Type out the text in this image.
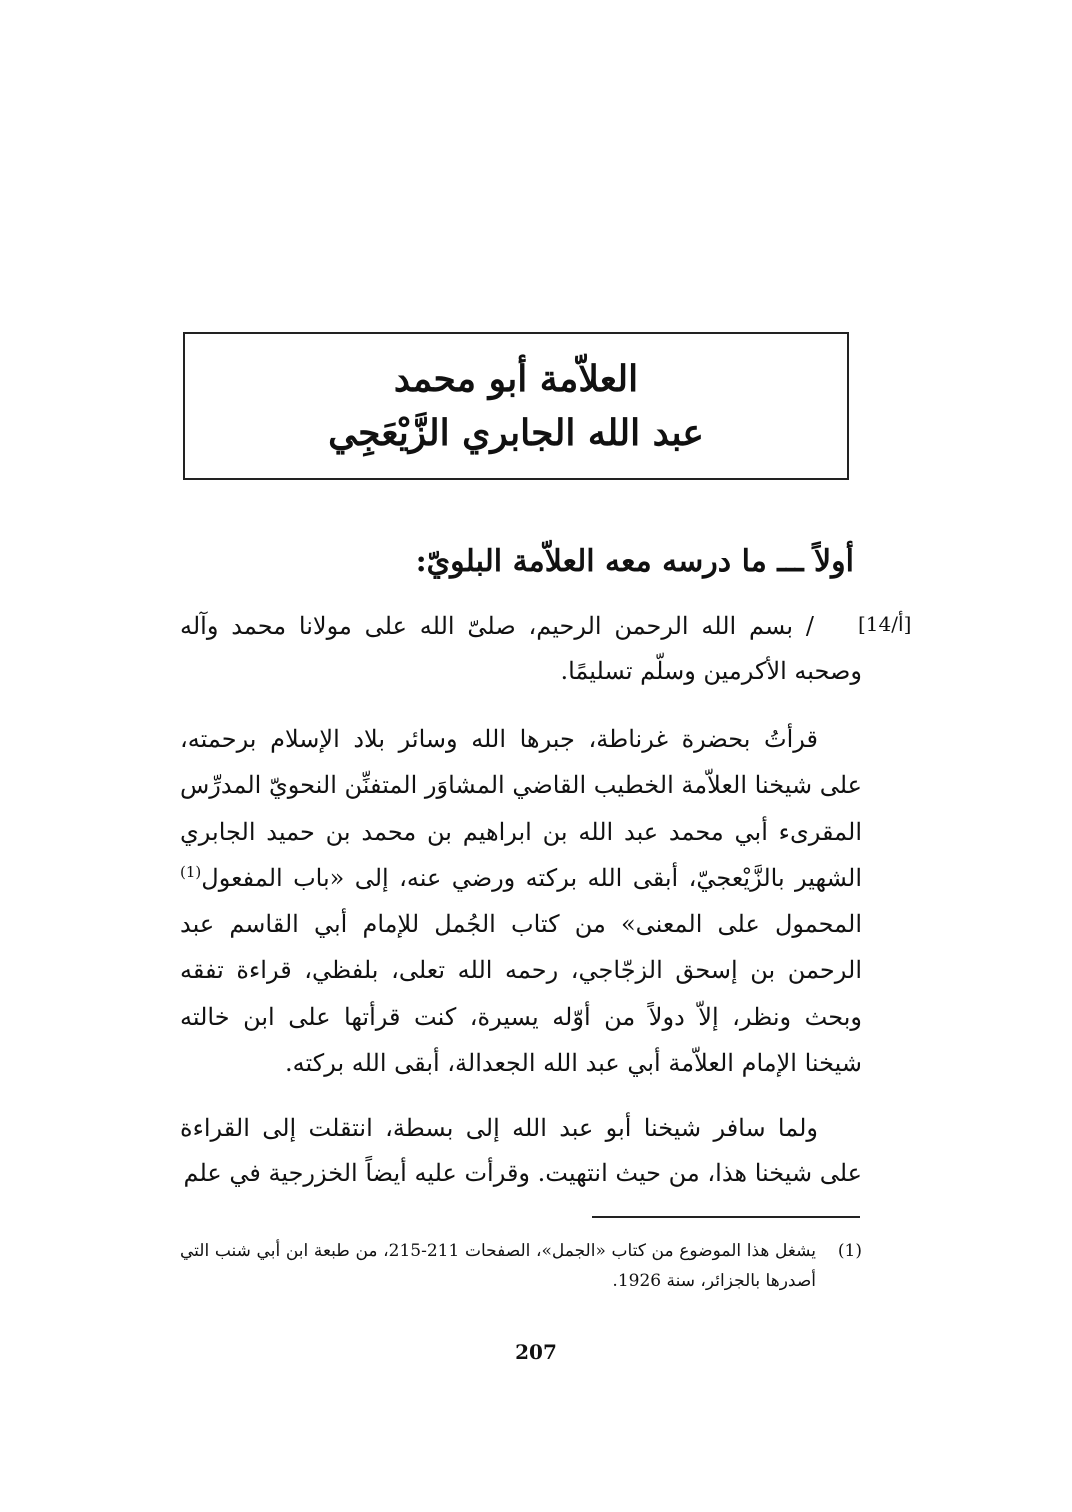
العلاّمة أبو محمد
عبد الله الجابري الزَّيْعَجِي
أولاً ـــ ما درسه معه العلاّمة البلويّ:
[14/أ]
/ بسم الله الرحمن الرحيم، صلىّ الله على مولانا محمد وآله وصحبه الأكرمين وسلّم تسليمًا.
قرأتُ بحضرة غرناطة، جبرها الله وسائر بلاد الإسلام برحمته، على شيخنا العلاّمة الخطيب القاضي المشاوَر المتفنِّن النحويّ المدرِّس المقرىء أبي محمد عبد الله بن ابراهيم بن محمد بن حميد الجابري الشهير بالزَّيْعجيّ، أبقى الله بركته ورضي عنه، إلى «باب المفعول$^{(1)}$ المحمول على المعنى» من كتاب الجُمل للإمام أبي القاسم عبد الرحمن بن إسحق الزجّاجي، رحمه الله تعلى، بلفظي، قراءة تفقه وبحث ونظر، إلاّ دولاً من أوّله يسيرة، كنت قرأتها على ابن خالته شيخنا الإمام العلاّمة أبي عبد الله الجعدالة، أبقى الله بركته.
ولما سافر شيخنا أبو عبد الله إلى بسطة، انتقلت إلى القراءة على شيخنا هذا، من حيث انتهيت. وقرأت عليه أيضاً الخزرجية في علم
(1)
يشغل هذا الموضوع من كتاب «الجمل»، الصفحات 211-215، من طبعة ابن أبي شنب التي أصدرها بالجزائر، سنة 1926.
207
